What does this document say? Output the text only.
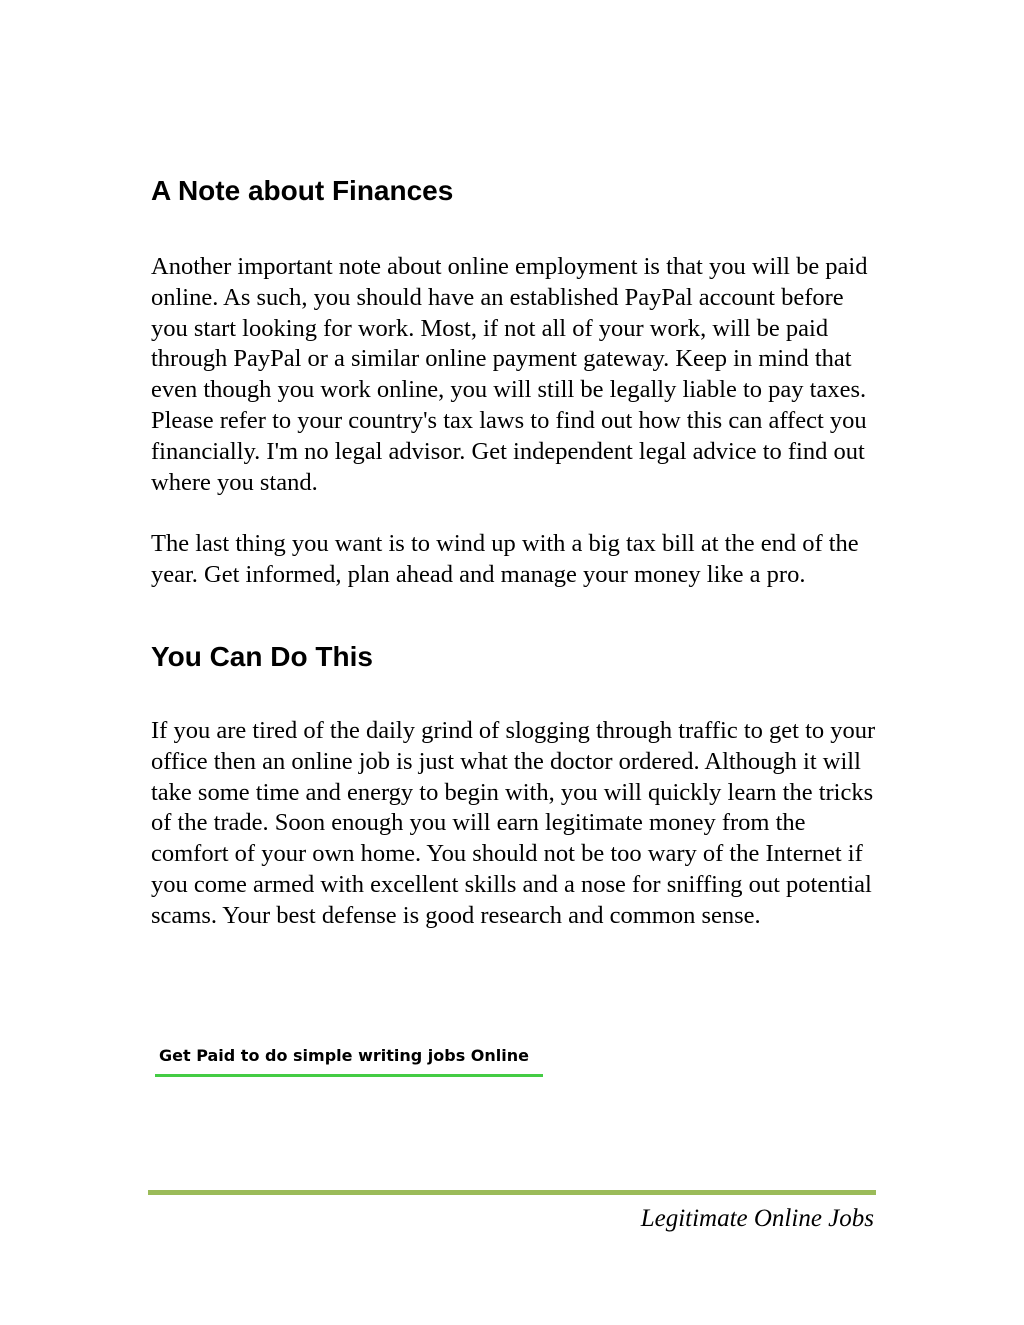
A Note about Finances

Another important note about online employment is that you will be paid online. As such, you should have an established PayPal account before you start looking for work. Most, if not all of your work, will be paid through PayPal or a similar online payment gateway. Keep in mind that even though you work online, you will still be legally liable to pay taxes. Please refer to your country's tax laws to find out how this can affect you financially. I'm no legal advisor. Get independent legal advice to find out where you stand.

The last thing you want is to wind up with a big tax bill at the end of the year. Get informed, plan ahead and manage your money like a pro.

You Can Do This

If you are tired of the daily grind of slogging through traffic to get to your office then an online job is just what the doctor ordered. Although it will take some time and energy to begin with, you will quickly learn the tricks of the trade. Soon enough you will earn legitimate money from the comfort of your own home. You should not be too wary of the Internet if you come armed with excellent skills and a nose for sniffing out potential scams. Your best defense is good research and common sense.

Get Paid to do simple writing jobs Online
Legitimate Online Jobs
